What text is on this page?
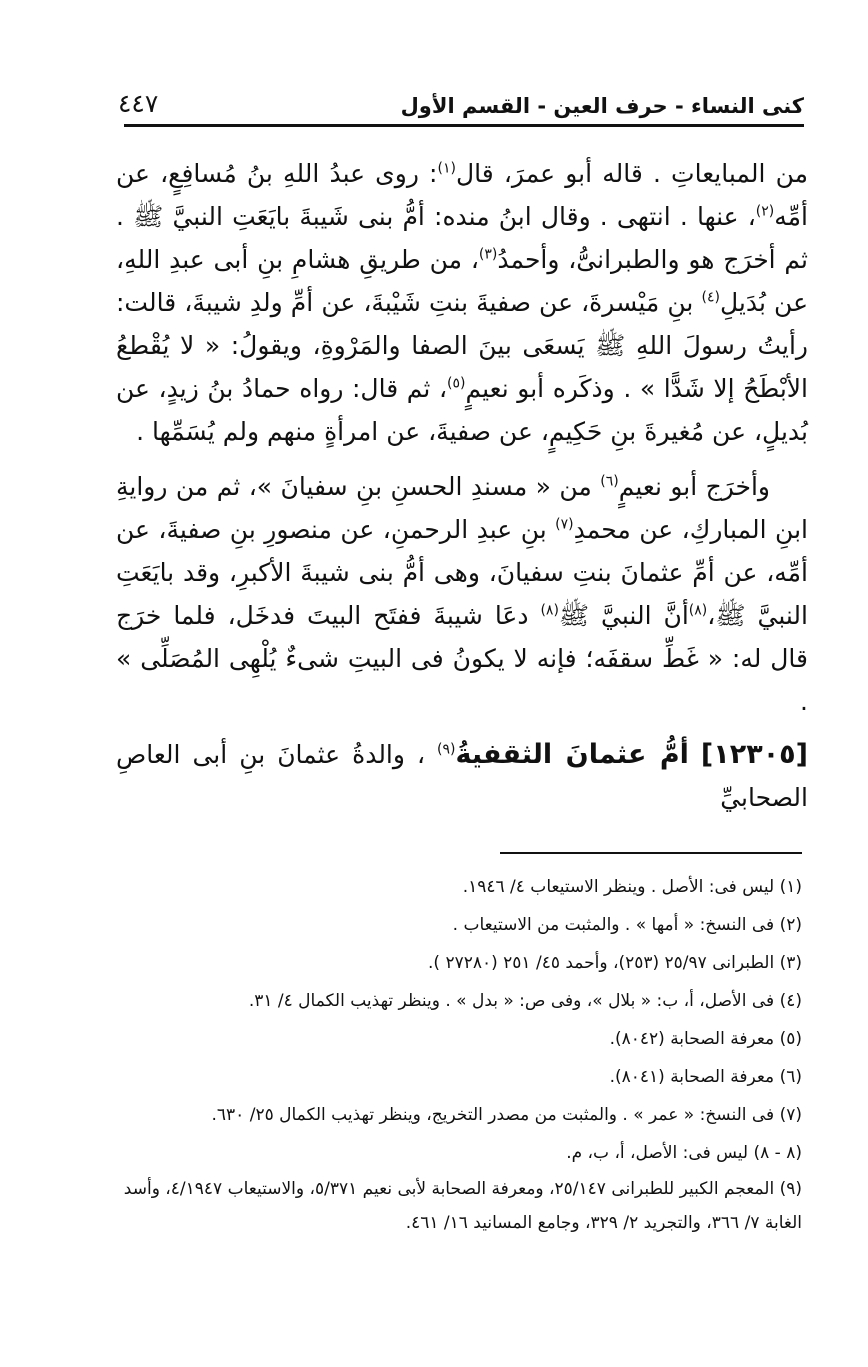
كنى النساء - حرف العين - القسم الأول
٤٤٧

من المبايعاتِ . قاله أبو عمرَ، قال$^{(١)}$: روى عبدُ اللهِ بنُ مُسافِعٍ، عن أمِّه$^{(٢)}$، عنها . انتهى . وقال ابنُ منده: أمُّ بنى شَيبةَ بايَعَتِ النبيَّ ﷺ . ثم أخرَج هو والطبرانىُّ، وأحمدُ$^{(٣)}$، من طريقِ هشامِ بنِ أبى عبدِ اللهِ، عن بُدَيلِ$^{(٤)}$ بنِ مَيْسرةَ، عن صفيةَ بنتِ شَيْبةَ، عن أمِّ ولدِ شيبةَ، قالت: رأيتُ رسولَ اللهِ ﷺ يَسعَى بينَ الصفا والمَرْوةِ، ويقولُ: « لا يُقْطعُ الأبْطَحُ إلا شَدًّا » . وذكَره أبو نعيمٍ$^{(٥)}$، ثم قال: رواه حمادُ بنُ زيدٍ، عن بُديلٍ، عن مُغيرةَ بنِ حَكِيمٍ، عن صفيةَ، عن امرأةٍ منهم ولم يُسَمِّها .

وأخرَج أبو نعيمٍ$^{(٦)}$ من « مسندِ الحسنِ بنِ سفيانَ »، ثم من روايةِ ابنِ المباركِ، عن محمدِ$^{(٧)}$ بنِ عبدِ الرحمنِ، عن منصورِ بنِ صفيةَ، عن أمِّه، عن أمِّ عثمانَ بنتِ سفيانَ، وهى أمُّ بنى شيبةَ الأكبرِ، وقد بايَعَتِ النبيَّ ﷺ،$^{(٨)}$أنَّ النبيَّ ﷺ$^{(٨)}$ دعَا شيبةَ ففتَح البيتَ فدخَل، فلما خرَج قال له: « غَطِّ سقفَه؛ فإنه لا يكونُ فى البيتِ شىءٌ يُلْهِى المُصَلِّى » .

[١٢٣٠٥] أمُّ عثمانَ الثقفيةُ$^{(٩)}$ ، والدةُ عثمانَ بنِ أبى العاصِ الصحابيِّ

(١) ليس فى: الأصل . وينظر الاستيعاب ٤/ ١٩٤٦.

(٢) فى النسخ: « أمها » . والمثبت من الاستيعاب .

(٣) الطبرانى ٢٥/٩٧ (٢٥٣)، وأحمد ٤٥/ ٢٥١ (٢٧٢٨٠ ).

(٤) فى الأصل، أ، ب: « بلال »، وفى ص: « بدل » . وينظر تهذيب الكمال ٤/ ٣١.

(٥) معرفة الصحابة (٨٠٤٢).

(٦) معرفة الصحابة (٨٠٤١).

(٧) فى النسخ: « عمر » . والمثبت من مصدر التخريج، وينظر تهذيب الكمال ٢٥/ ٦٣٠.

(٨ - ٨) ليس فى: الأصل، أ، ب، م.

(٩) المعجم الكبير للطبرانى ٢٥/١٤٧، ومعرفة الصحابة لأبى نعيم ٥/٣٧١، والاستيعاب ٤/١٩٤٧، وأسد الغابة ٧/ ٣٦٦، والتجريد ٢/ ٣٢٩، وجامع المسانيد ١٦/ ٤٦١.
